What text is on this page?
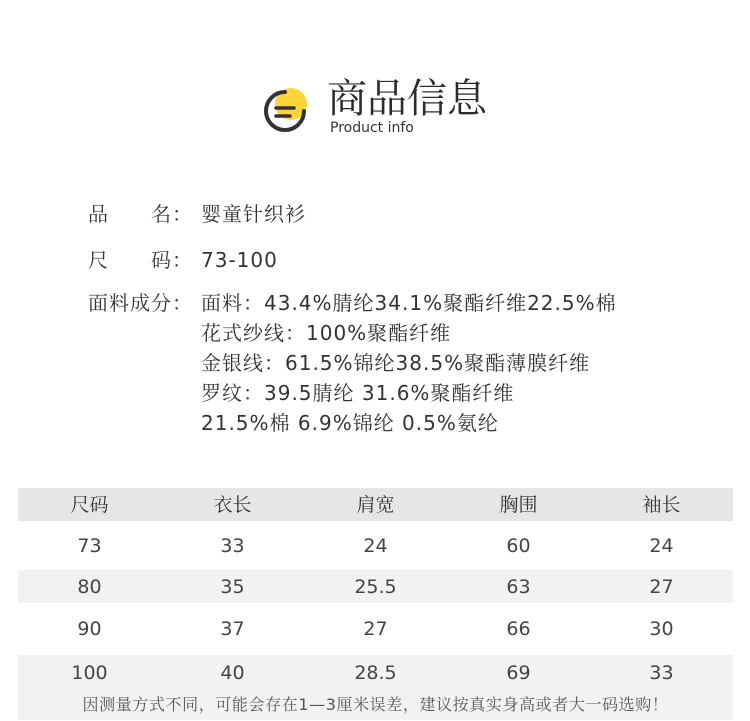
商品信息
Product info
品　　名： 婴童针织衫
尺　　码： 73-100
面料成分： 面料：43.4%腈纶34.1%聚酯纤维22.5%棉
花式纱线：100%聚酯纤维
金银线：61.5%锦纶38.5%聚酯薄膜纤维
罗纹：39.5腈纶 31.6%聚酯纤维
21.5%棉 6.9%锦纶 0.5%氨纶
尺码	衣长	肩宽	胸围	袖长
73	33	24	60	24
80	35	25.5	63	27
90	37	27	66	30
100	40	28.5	69	33
因测量方式不同，可能会存在1—3厘米误差，建议按真实身高或者大一码选购！
